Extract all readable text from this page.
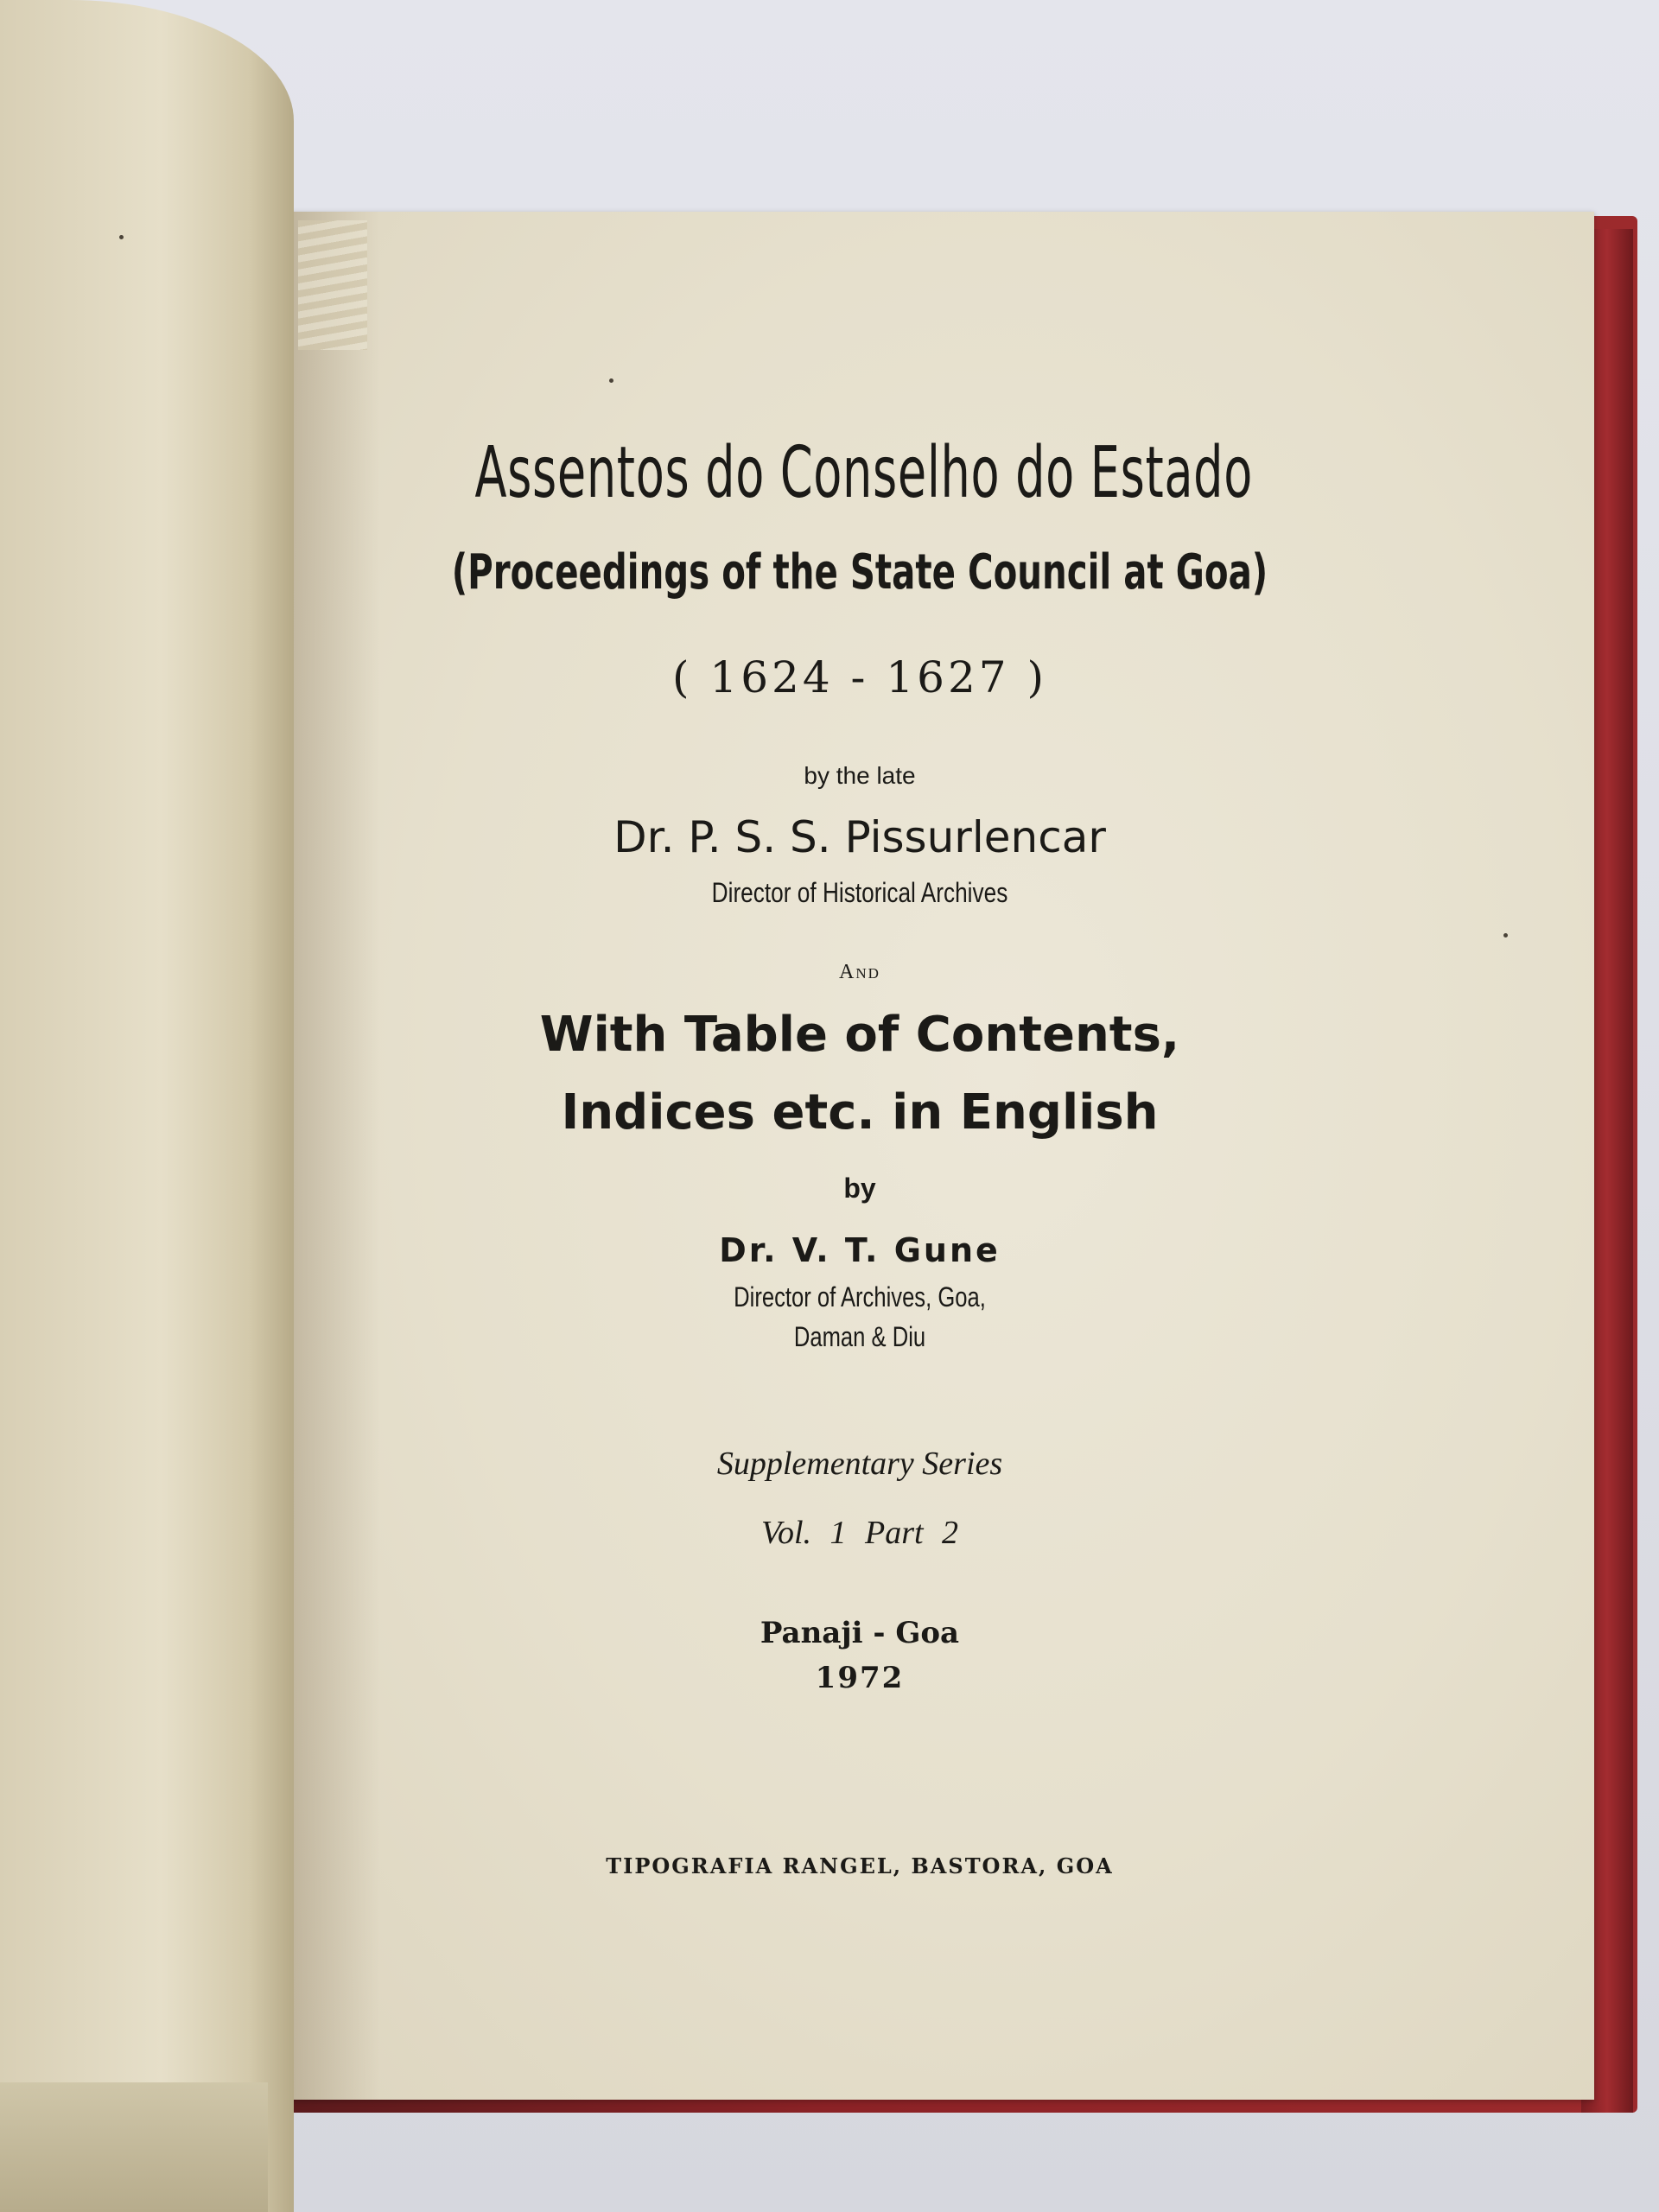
Assentos do Conselho do Estado
(Proceedings of the State Council at Goa)
( 1624 - 1627 )
by the late
Dr. P. S. S. Pissurlencar
Director of Historical Archives
And
With Table of Contents,
Indices etc. in English
by
Dr. V. T. Gune
Director of Archives, Goa,
Daman & Diu
Supplementary Series
Vol. 1 Part 2
Panaji - Goa
1972
TIPOGRAFIA RANGEL, BASTORA, GOA
